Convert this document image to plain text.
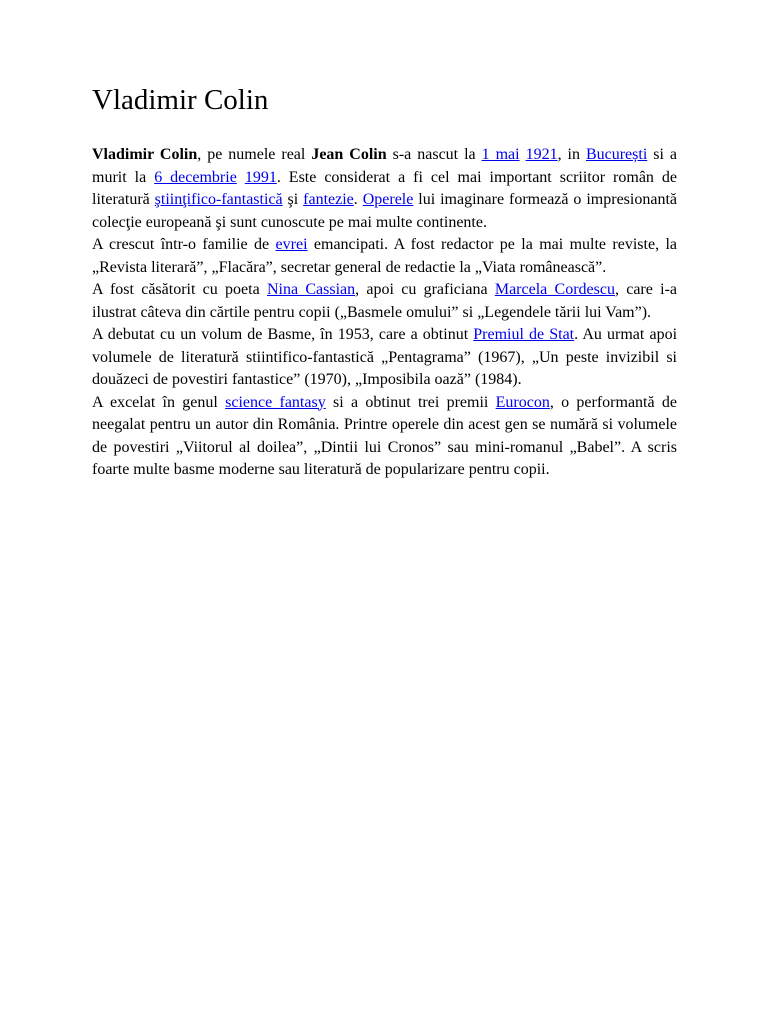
Vladimir Colin

Vladimir Colin, pe numele real Jean Colin s-a nascut la 1 mai 1921, in București si a murit la 6 decembrie 1991. Este considerat a fi cel mai important scriitor român de literatură ştiinţifico-fantastică şi fantezie. Operele lui imaginare formează o impresionantă colecţie europeană şi sunt cunoscute pe mai multe continente.

A crescut într-o familie de evrei emancipati. A fost redactor pe la mai multe reviste, la „Revista literară”, „Flacăra”, secretar general de redactie la „Viata românească”.

A fost căsătorit cu poeta Nina Cassian, apoi cu graficiana Marcela Cordescu, care i-a ilustrat câteva din cărtile pentru copii („Basmele omului” si „Legendele tării lui Vam”).

A debutat cu un volum de Basme, în 1953, care a obtinut Premiul de Stat. Au urmat apoi volumele de literatură stiintifico-fantastică „Pentagrama” (1967), „Un peste invizibil si douăzeci de povestiri fantastice” (1970), „Imposibila oază” (1984).

A excelat în genul science fantasy si a obtinut trei premii Eurocon, o performantă de neegalat pentru un autor din România. Printre operele din acest gen se numără si volumele de povestiri „Viitorul al doilea”, „Dintii lui Cronos” sau mini-romanul „Babel”. A scris foarte multe basme moderne sau literatură de popularizare pentru copii.
